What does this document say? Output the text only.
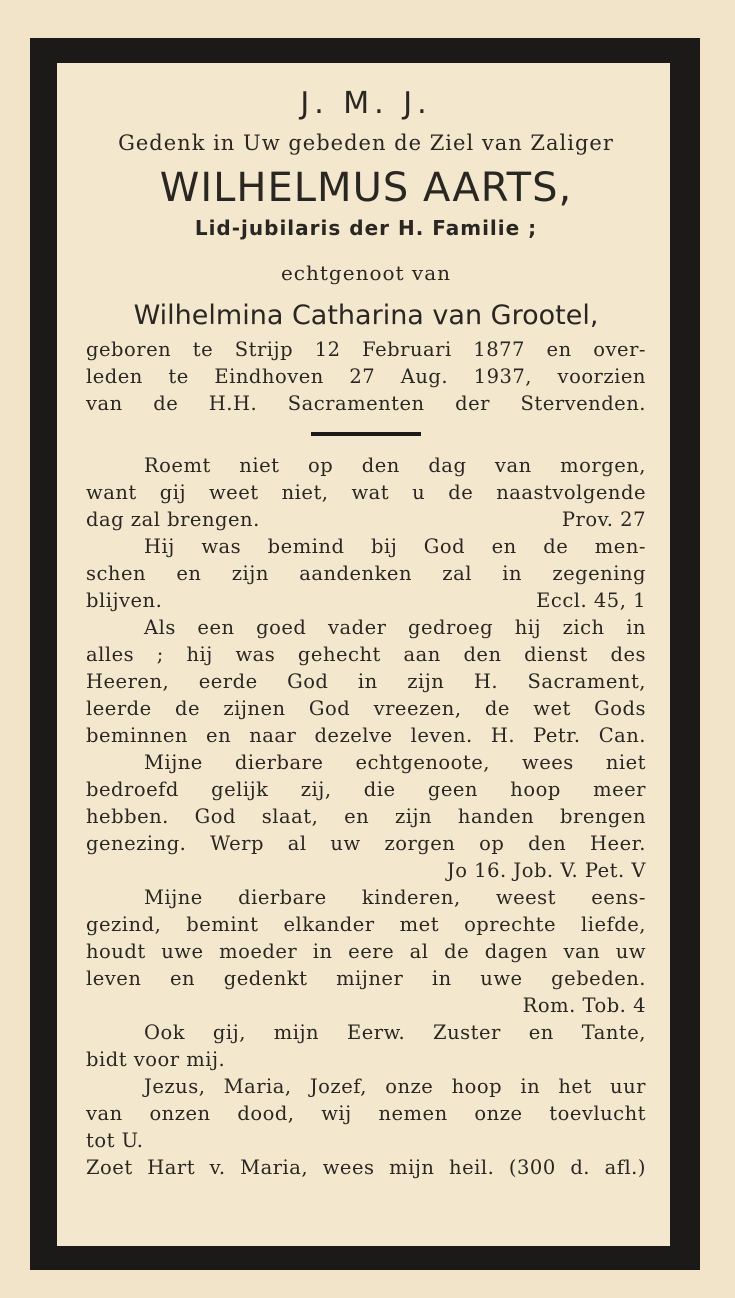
J. M. J.
Gedenk in Uw gebeden de Ziel van Zaliger
WILHELMUS AARTS,
Lid-jubilaris der H. Familie ;
echtgenoot van
Wilhelmina Catharina van Grootel,
geboren te Strijp 12 Februari 1877 en over-
leden te Eindhoven 27 Aug. 1937, voorzien
van de H.H. Sacramenten der Stervenden.
Roemt niet op den dag van morgen,
want gij weet niet, wat u de naastvolgende
dag zal brengen.	Prov. 27
Hij was bemind bij God en de men-
schen en zijn aandenken zal in zegening
blijven.	Eccl. 45, 1
Als een goed vader gedroeg hij zich in
alles ; hij was gehecht aan den dienst des
Heeren, eerde God in zijn H. Sacrament,
leerde de zijnen God vreezen, de wet Gods
beminnen en naar dezelve leven. H. Petr. Can.
Mijne dierbare echtgenoote, wees niet
bedroefd gelijk zij, die geen hoop meer
hebben. God slaat, en zijn handen brengen
genezing. Werp al uw zorgen op den Heer.
Jo 16. Job. V. Pet. V
Mijne dierbare kinderen, weest eens-
gezind, bemint elkander met oprechte liefde,
houdt uwe moeder in eere al de dagen van uw
leven en gedenkt mijner in uwe gebeden.
Rom. Tob. 4
Ook gij, mijn Eerw. Zuster en Tante,
bidt voor mij.
Jezus, Maria, Jozef, onze hoop in het uur
van onzen dood, wij nemen onze toevlucht
tot U.
Zoet Hart v. Maria, wees mijn heil. (300 d. afl.)
